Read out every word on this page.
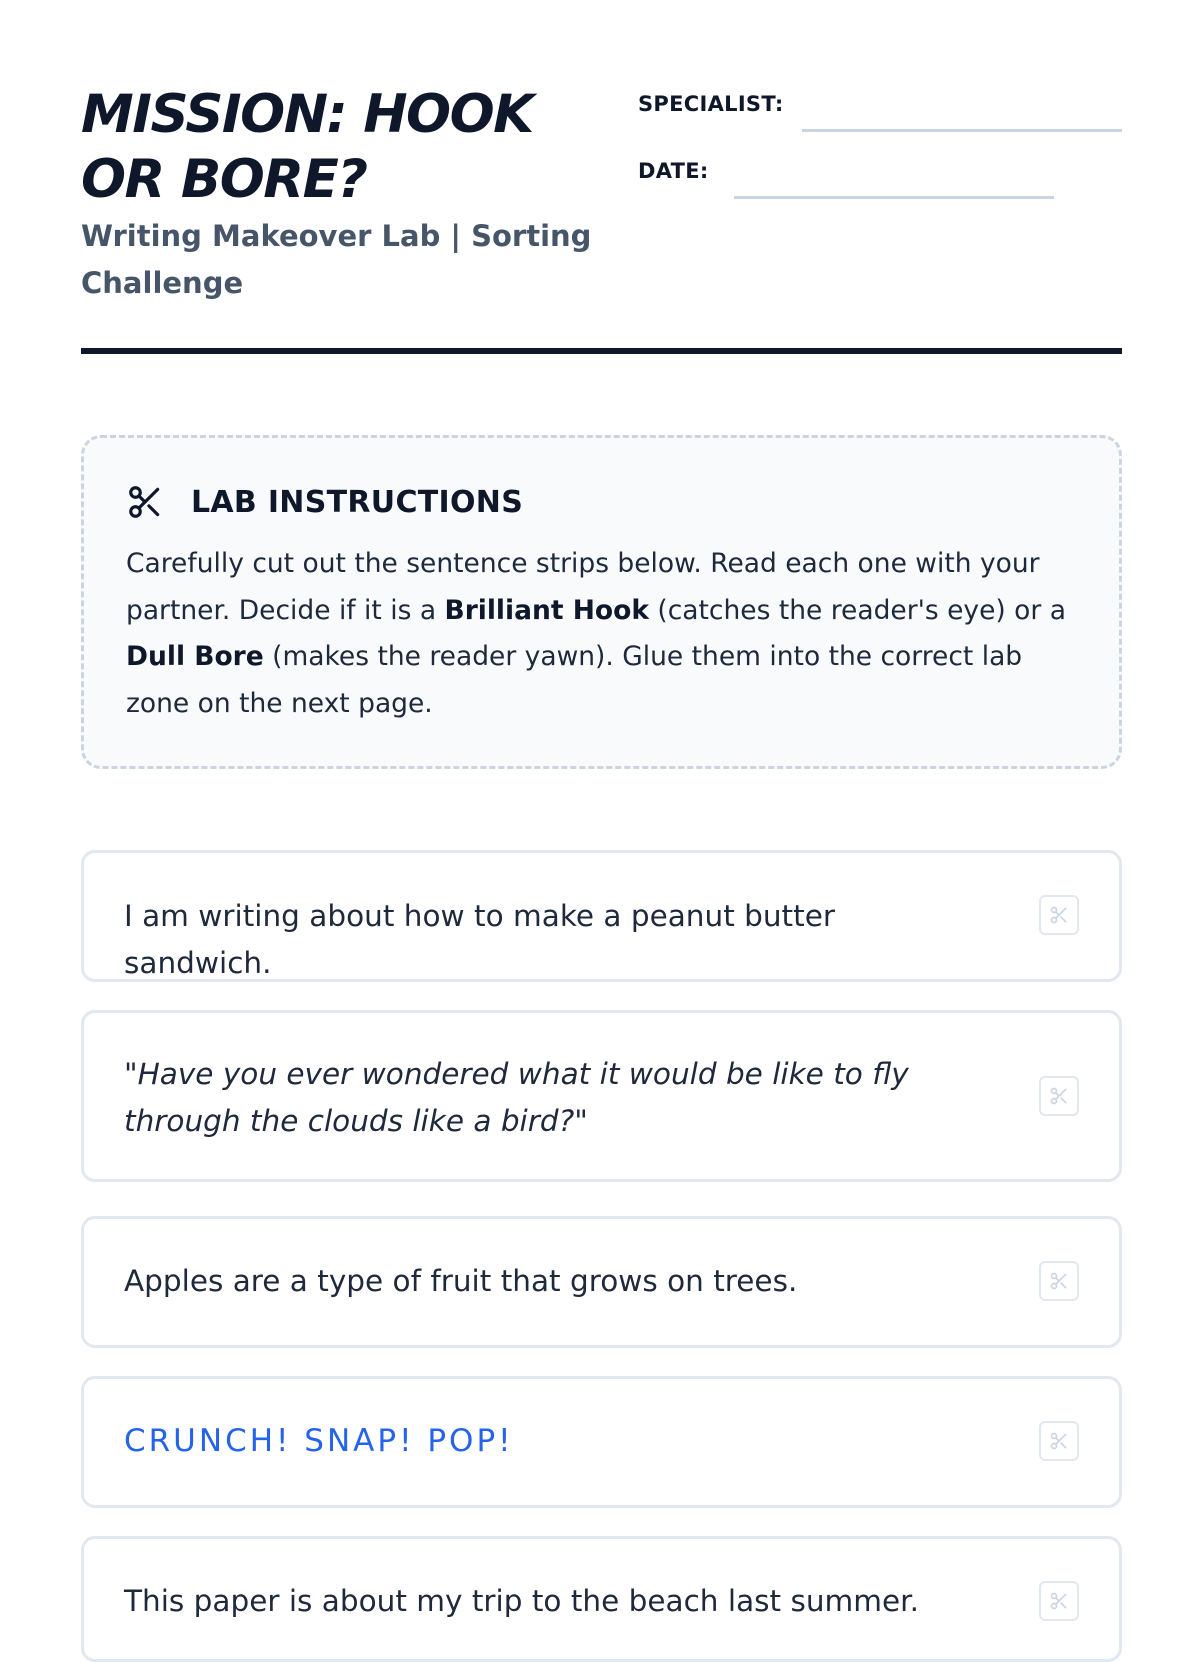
MISSION: HOOK OR BORE?
Writing Makeover Lab | Sorting Challenge
SPECIALIST:
DATE:
LAB INSTRUCTIONS

Carefully cut out the sentence strips below. Read each one with your partner. Decide if it is a Brilliant Hook (catches the reader's eye) or a Dull Bore (makes the reader yawn). Glue them into the correct lab zone on the next page.

I am writing about how to make a peanut butter sandwich.

"Have you ever wondered what it would be like to fly through the clouds like a bird?"

Apples are a type of fruit that grows on trees.

CRUNCH! SNAP! POP!

This paper is about my trip to the beach last summer.
